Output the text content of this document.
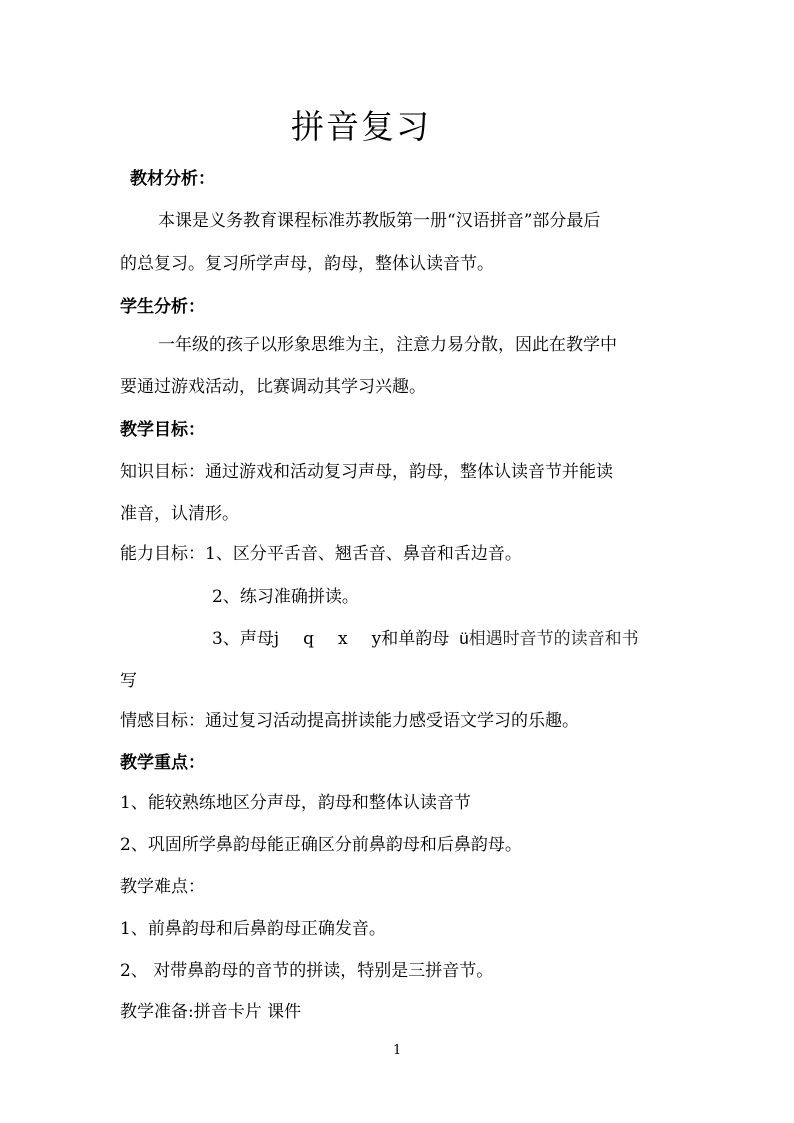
拼音复习
教材分析：
本课是义务教育课程标准苏教版第一册“汉语拼音”部分最后
的总复习。复习所学声母，韵母，整体认读音节。
学生分析：
一年级的孩子以形象思维为主，注意力易分散，因此在教学中
要通过游戏活动，比赛调动其学习兴趣。
教学目标：
知识目标：通过游戏和活动复习声母，韵母，整体认读音节并能读
准音，认清形。
能力目标：1、区分平舌音、翘舌音、鼻音和舌边音。
2、练习准确拼读。
3、声母j q x y和单韵母 ü相遇时音节的读音和书
写
情感目标：通过复习活动提高拼读能力感受语文学习的乐趣。
教学重点：
1、能较熟练地区分声母，韵母和整体认读音节
2、巩固所学鼻韵母能正确区分前鼻韵母和后鼻韵母。
教学难点：
1、前鼻韵母和后鼻韵母正确发音。
2、 对带鼻韵母的音节的拼读，特别是三拼音节。
教学准备:拼音卡片 课件
1
